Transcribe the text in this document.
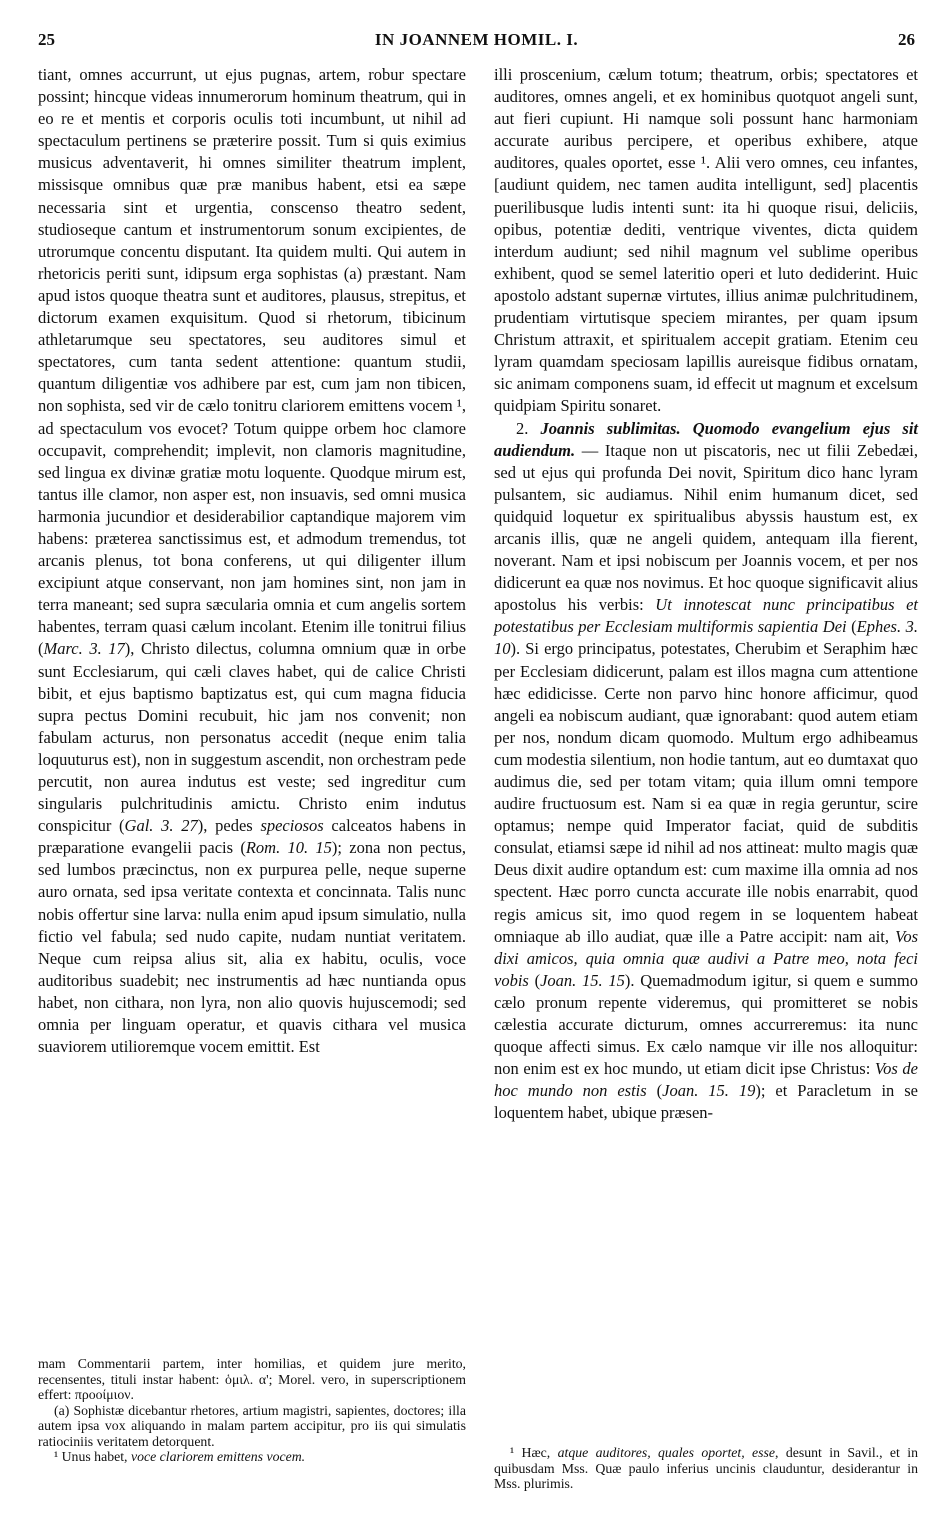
25	IN JOANNEM HOMIL. I.	26

tiant, omnes accurrunt, ut ejus pugnas, artem, robur spectare possint; hincque videas innumerorum hominum theatrum, qui in eo re et mentis et corporis oculis toti incumbunt, ut nihil ad spectaculum pertinens se præterire possit. Tum si quis eximius musicus adventaverit, hi omnes similiter theatrum implent, missisque omnibus quæ præ manibus habent, etsi ea sæpe necessaria sint et urgentia, conscenso theatro sedent, studioseque cantum et instrumentorum sonum excipientes, de utrorumque concentu disputant. Ita quidem multi. Qui autem in rhetoricis periti sunt, idipsum erga sophistas (a) præstant. Nam apud istos quoque theatra sunt et auditores, plausus, strepitus, et dictorum examen exquisitum. Quod si rhetorum, tibicinum athletarumque seu spectatores, seu auditores simul et spectatores, cum tanta sedent attentione: quantum studii, quantum diligentiæ vos adhibere par est, cum jam non tibicen, non sophista, sed vir de cælo tonitru clariorem emittens vocem ¹, ad spectaculum vos evocet? Totum quippe orbem hoc clamore occupavit, comprehendit; implevit, non clamoris magnitudine, sed lingua ex divinæ gratiæ motu loquente. Quodque mirum est, tantus ille clamor, non asper est, non insuavis, sed omni musica harmonia jucundior et desiderabilior captandique majorem vim habens: præterea sanctissimus est, et admodum tremendus, tot arcanis plenus, tot bona conferens, ut qui diligenter illum excipiunt atque conservant, non jam homines sint, non jam in terra maneant; sed supra sæcularia omnia et cum angelis sortem habentes, terram quasi cælum incolant. Etenim ille tonitrui filius (Marc. 3. 17), Christo dilectus, columna omnium quæ in orbe sunt Ecclesiarum, qui cæli claves habet, qui de calice Christi bibit, et ejus baptismo baptizatus est, qui cum magna fiducia supra pectus Domini recubuit, hic jam nos convenit; non fabulam acturus, non personatus accedit (neque enim talia loquuturus est), non in suggestum ascendit, non orchestram pede percutit, non aurea indutus est veste; sed ingreditur cum singularis pulchritudinis amictu. Christo enim indutus conspicitur (Gal. 3. 27), pedes speciosos calceatos habens in præparatione evangelii pacis (Rom. 10. 15); zona non pectus, sed lumbos præcinctus, non ex purpurea pelle, neque superne auro ornata, sed ipsa veritate contexta et concinnata. Talis nunc nobis offertur sine larva: nulla enim apud ipsum simulatio, nulla fictio vel fabula; sed nudo capite, nudam nuntiat veritatem. Neque cum reipsa alius sit, alia ex habitu, oculis, voce auditoribus suadebit; nec instrumentis ad hæc nuntianda opus habet, non cithara, non lyra, non alio quovis hujuscemodi; sed omnia per linguam operatur, et quavis cithara vel musica suaviorem utilioremque vocem emittit. Est

illi proscenium, cælum totum; theatrum, orbis; spectatores et auditores, omnes angeli, et ex hominibus quotquot angeli sunt, aut fieri cupiunt. Hi namque soli possunt hanc harmoniam accurate auribus percipere, et operibus exhibere, atque auditores, quales oportet, esse ¹. Alii vero omnes, ceu infantes, [audiunt quidem, nec tamen audita intelligunt, sed] placentis puerilibusque ludis intenti sunt: ita hi quoque risui, deliciis, opibus, potentiæ dediti, ventrique viventes, dicta quidem interdum audiunt; sed nihil magnum vel sublime operibus exhibent, quod se semel lateritio operi et luto dediderint. Huic apostolo adstant supernæ virtutes, illius animæ pulchritudinem, prudentiam virtutisque speciem mirantes, per quam ipsum Christum attraxit, et spiritualem accepit gratiam. Etenim ceu lyram quamdam speciosam lapillis aureisque fidibus ornatam, sic animam componens suam, id effecit ut magnum et excelsum quidpiam Spiritu sonaret.

2. Joannis sublimitas. Quomodo evangelium ejus sit audiendum. — Itaque non ut piscatoris, nec ut filii Zebedæi, sed ut ejus qui profunda Dei novit, Spiritum dico hanc lyram pulsantem, sic audiamus. Nihil enim humanum dicet, sed quidquid loquetur ex spiritualibus abyssis haustum est, ex arcanis illis, quæ ne angeli quidem, antequam illa fierent, noverant. Nam et ipsi nobiscum per Joannis vocem, et per nos didicerunt ea quæ nos novimus. Et hoc quoque significavit alius apostolus his verbis: Ut innotescat nunc principatibus et potestatibus per Ecclesiam multiformis sapientia Dei (Ephes. 3. 10). Si ergo principatus, potestates, Cherubim et Seraphim hæc per Ecclesiam didicerunt, palam est illos magna cum attentione hæc edidicisse. Certe non parvo hinc honore afficimur, quod angeli ea nobiscum audiant, quæ ignorabant: quod autem etiam per nos, nondum dicam quomodo. Multum ergo adhibeamus cum modestia silentium, non hodie tantum, aut eo dumtaxat quo audimus die, sed per totam vitam; quia illum omni tempore audire fructuosum est. Nam si ea quæ in regia geruntur, scire optamus; nempe quid Imperator faciat, quid de subditis consulat, etiamsi sæpe id nihil ad nos attineat: multo magis quæ Deus dixit audire optandum est: cum maxime illa omnia ad nos spectent. Hæc porro cuncta accurate ille nobis enarrabit, quod regis amicus sit, imo quod regem in se loquentem habeat omniaque ab illo audiat, quæ ille a Patre accipit: nam ait, Vos dixi amicos, quia omnia quæ audivi a Patre meo, nota feci vobis (Joan. 15. 15). Quemadmodum igitur, si quem e summo cælo pronum repente videremus, qui promitteret se nobis cælestia accurate dicturum, omnes accurreremus: ita nunc quoque affecti simus. Ex cælo namque vir ille nos alloquitur: non enim est ex hoc mundo, ut etiam dicit ipse Christus: Vos de hoc mundo non estis (Joan. 15. 19); et Paracletum in se loquentem habet, ubique præsen-

mam Commentarii partem, inter homilias, et quidem jure merito, recensentes, tituli instar habent: ὁμιλ. α'; Morel. vero, in superscriptionem effert: προοίμιον.

(a) Sophistæ dicebantur rhetores, artium magistri, sapientes, doctores; illa autem ipsa vox aliquando in malam partem accipitur, pro iis qui simulatis ratiociniis veritatem detorquent.

¹ Unus habet, voce clariorem emittens vocem.	¹ Hæc, atque auditores, quales oportet, esse, desunt in Savil., et in quibusdam Mss. Quæ paulo inferius uncinis clauduntur, desiderantur in Mss. plurimis.
